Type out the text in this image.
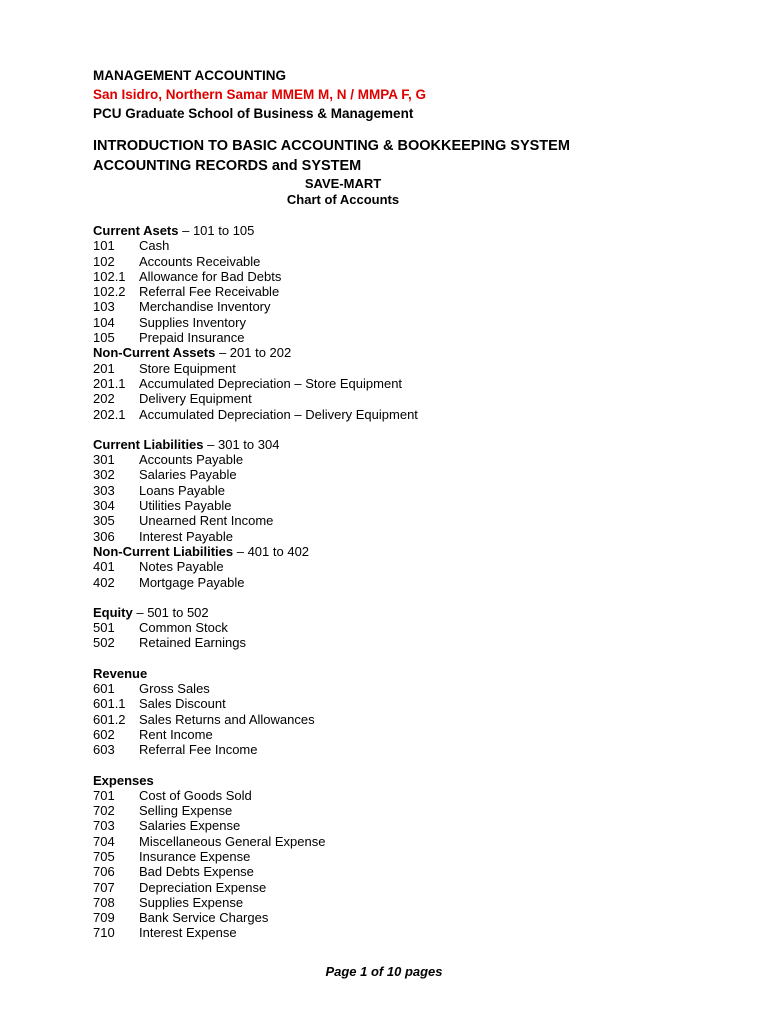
MANAGEMENT ACCOUNTING
San Isidro, Northern Samar MMEM M, N / MMPA F, G
PCU Graduate School of Business & Management
INTRODUCTION TO BASIC ACCOUNTING & BOOKKEEPING SYSTEM
ACCOUNTING RECORDS and SYSTEM
SAVE-MART
Chart of Accounts
Current Asets – 101 to 105
101 Cash
102 Accounts Receivable
102.1 Allowance for Bad Debts
102.2 Referral Fee Receivable
103 Merchandise Inventory
104 Supplies Inventory
105 Prepaid Insurance
Non-Current Assets – 201 to 202
201 Store Equipment
201.1 Accumulated Depreciation – Store Equipment
202 Delivery Equipment
202.1 Accumulated Depreciation – Delivery Equipment
Current Liabilities – 301 to 304
301 Accounts Payable
302 Salaries Payable
303 Loans Payable
304 Utilities Payable
305 Unearned Rent Income
306 Interest Payable
Non-Current Liabilities – 401 to 402
401 Notes Payable
402 Mortgage Payable
Equity – 501 to 502
501 Common Stock
502 Retained Earnings
Revenue
601 Gross Sales
601.1 Sales Discount
601.2 Sales Returns and Allowances
602 Rent Income
603 Referral Fee Income
Expenses
701 Cost of Goods Sold
702 Selling Expense
703 Salaries Expense
704 Miscellaneous General Expense
705 Insurance Expense
706 Bad Debts Expense
707 Depreciation Expense
708 Supplies Expense
709 Bank Service Charges
710 Interest Expense
Page 1 of 10 pages
